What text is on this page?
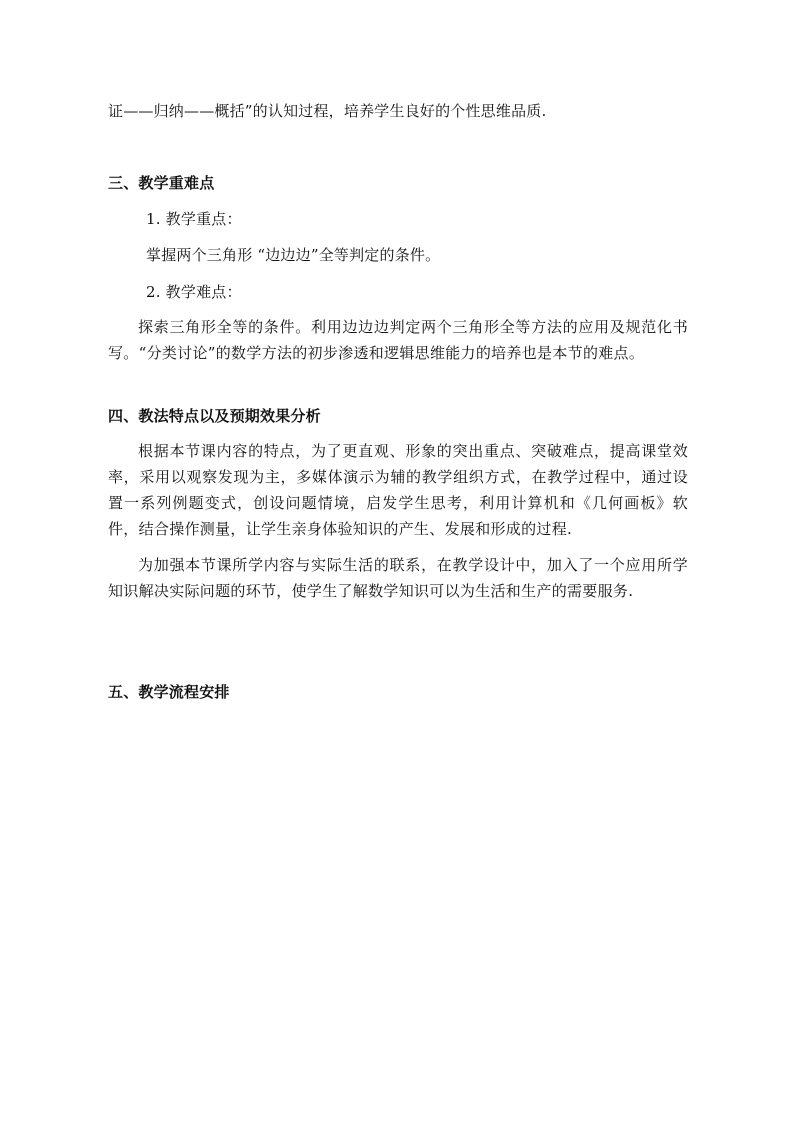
证——归纳——概括”的认知过程，培养学生良好的个性思维品质.
三、教学重难点
1. 教学重点：
掌握两个三角形 “边边边”全等判定的条件。
2. 教学难点：
探索三角形全等的条件。利用边边边判定两个三角形全等方法的应用及规范化书写。“分类讨论”的数学方法的初步渗透和逻辑思维能力的培养也是本节的难点。
四、教法特点以及预期效果分析
根据本节课内容的特点，为了更直观、形象的突出重点、突破难点，提高课堂效率，采用以观察发现为主，多媒体演示为辅的教学组织方式，在教学过程中，通过设置一系列例题变式，创设问题情境，启发学生思考，利用计算机和《几何画板》软件，结合操作测量，让学生亲身体验知识的产生、发展和形成的过程.
为加强本节课所学内容与实际生活的联系，在教学设计中，加入了一个应用所学知识解决实际问题的环节，使学生了解数学知识可以为生活和生产的需要服务.
五、教学流程安排
